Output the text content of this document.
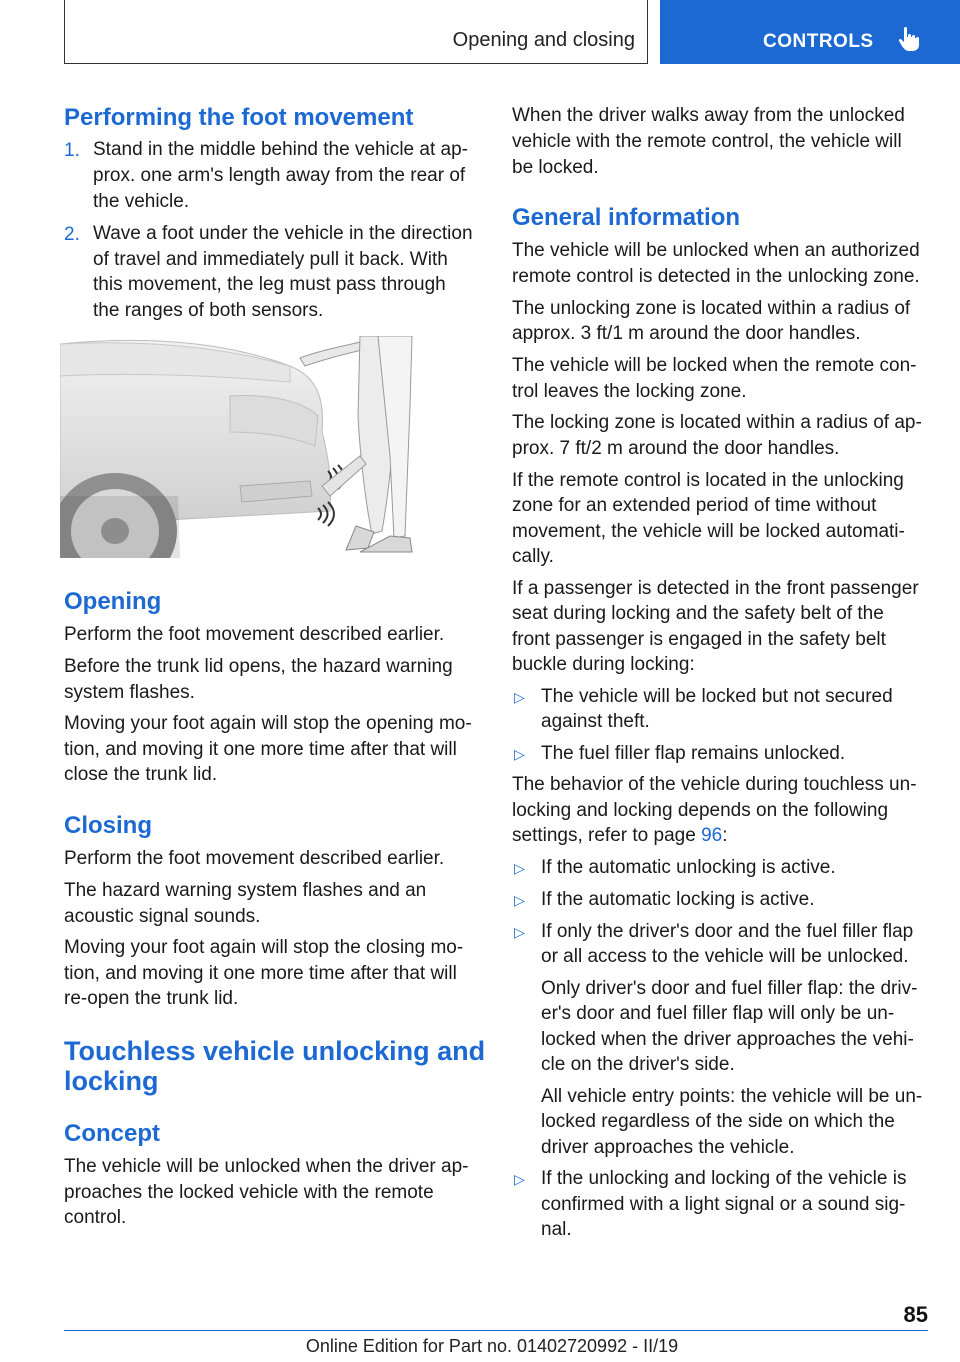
Opening and closing	CONTROLS
Performing the foot movement
1. Stand in the middle behind the vehicle at ap-
prox. one arm's length away from the rear of
the vehicle.
2. Wave a foot under the vehicle in the direction
of travel and immediately pull it back. With
this movement, the leg must pass through
the ranges of both sensors.
Opening
Perform the foot movement described earlier.
Before the trunk lid opens, the hazard warning
system flashes.
Moving your foot again will stop the opening mo-
tion, and moving it one more time after that will
close the trunk lid.
Closing
Perform the foot movement described earlier.
The hazard warning system flashes and an
acoustic signal sounds.
Moving your foot again will stop the closing mo-
tion, and moving it one more time after that will
re-open the trunk lid.
Touchless vehicle unlocking and
locking
Concept
The vehicle will be unlocked when the driver ap-
proaches the locked vehicle with the remote
control.
When the driver walks away from the unlocked
vehicle with the remote control, the vehicle will
be locked.
General information
The vehicle will be unlocked when an authorized
remote control is detected in the unlocking zone.
The unlocking zone is located within a radius of
approx. 3 ft/1 m around the door handles.
The vehicle will be locked when the remote con-
trol leaves the locking zone.
The locking zone is located within a radius of ap-
prox. 7 ft/2 m around the door handles.
If the remote control is located in the unlocking
zone for an extended period of time without
movement, the vehicle will be locked automati-
cally.
If a passenger is detected in the front passenger
seat during locking and the safety belt of the
front passenger is engaged in the safety belt
buckle during locking:
▷ The vehicle will be locked but not secured
against theft.
▷ The fuel filler flap remains unlocked.
The behavior of the vehicle during touchless un-
locking and locking depends on the following
settings, refer to page 96:
▷ If the automatic unlocking is active.
▷ If the automatic locking is active.
▷ If only the driver's door and the fuel filler flap
or all access to the vehicle will be unlocked.
Only driver's door and fuel filler flap: the driv-
er's door and fuel filler flap will only be un-
locked when the driver approaches the vehi-
cle on the driver's side.
All vehicle entry points: the vehicle will be un-
locked regardless of the side on which the
driver approaches the vehicle.
▷ If the unlocking and locking of the vehicle is
confirmed with a light signal or a sound sig-
nal.
85
Online Edition for Part no. 01402720992 - II/19
